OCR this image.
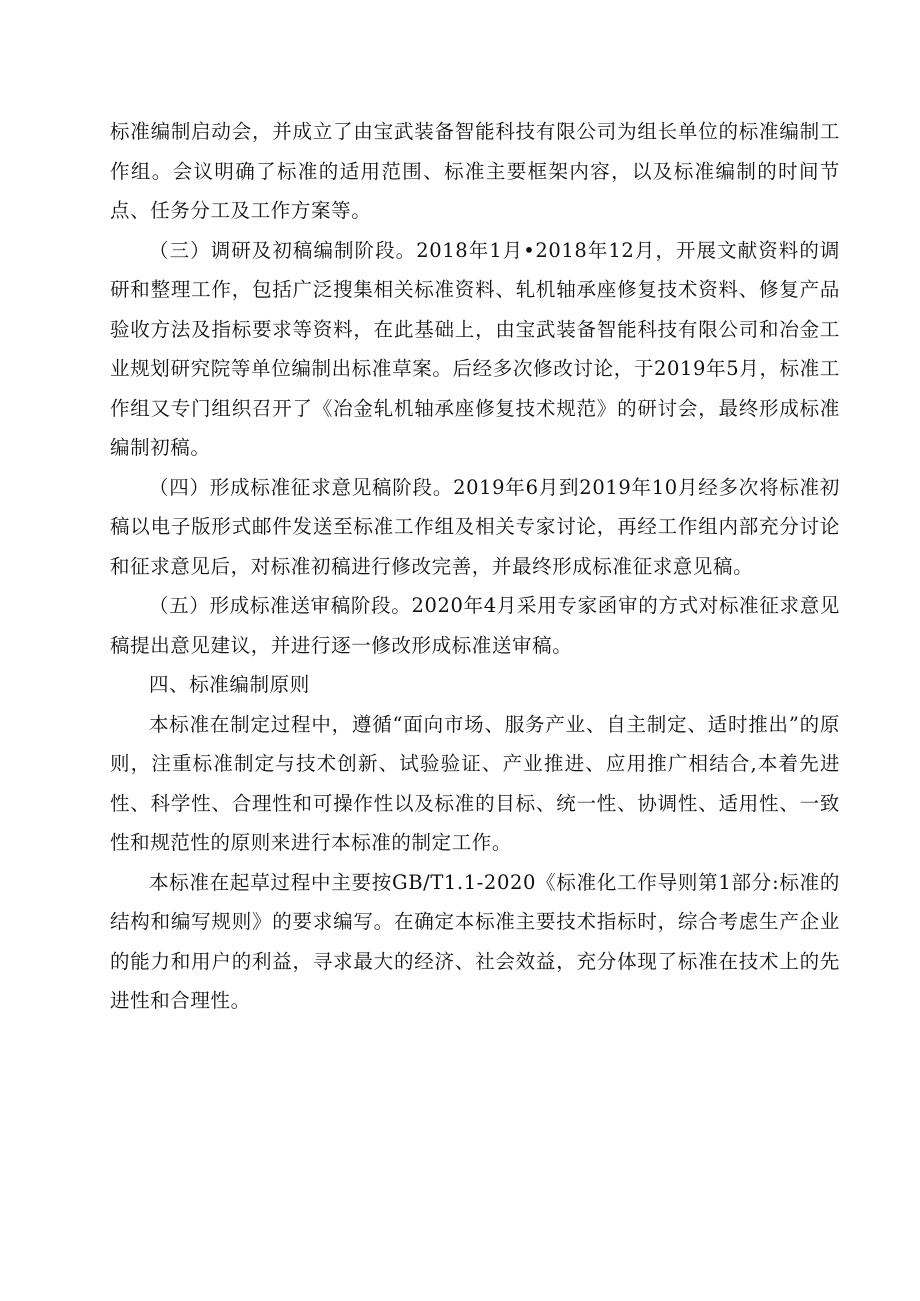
标准编制启动会，并成立了由宝武装备智能科技有限公司为组长单位的标准编制工作组。会议明确了标准的适用范围、标准主要框架内容，以及标准编制的时间节点、任务分工及工作方案等。

（三）调研及初稿编制阶段。2018年1月•2018年12月，开展文献资料的调研和整理工作，包括广泛搜集相关标准资料、轧机轴承座修复技术资料、修复产品验收方法及指标要求等资料，在此基础上，由宝武装备智能科技有限公司和冶金工业规划研究院等单位编制出标准草案。后经多次修改讨论，于2019年5月，标准工作组又专门组织召开了《冶金轧机轴承座修复技术规范》的研讨会，最终形成标准编制初稿。

（四）形成标准征求意见稿阶段。2019年6月到2019年10月经多次将标准初稿以电子版形式邮件发送至标准工作组及相关专家讨论，再经工作组内部充分讨论和征求意见后，对标准初稿进行修改完善，并最终形成标准征求意见稿。

（五）形成标准送审稿阶段。2020年4月采用专家函审的方式对标准征求意见稿提出意见建议，并进行逐一修改形成标准送审稿。

四、标准编制原则

本标准在制定过程中，遵循“面向市场、服务产业、自主制定、适时推出”的原则，注重标准制定与技术创新、试验验证、产业推进、应用推广相结合,本着先进性、科学性、合理性和可操作性以及标准的目标、统一性、协调性、适用性、一致性和规范性的原则来进行本标准的制定工作。

本标准在起草过程中主要按GB/T1.1-2020《标准化工作导则第1部分:标准的结构和编写规则》的要求编写。在确定本标准主要技术指标时，综合考虑生产企业的能力和用户的利益，寻求最大的经济、社会效益，充分体现了标准在技术上的先进性和合理性。
